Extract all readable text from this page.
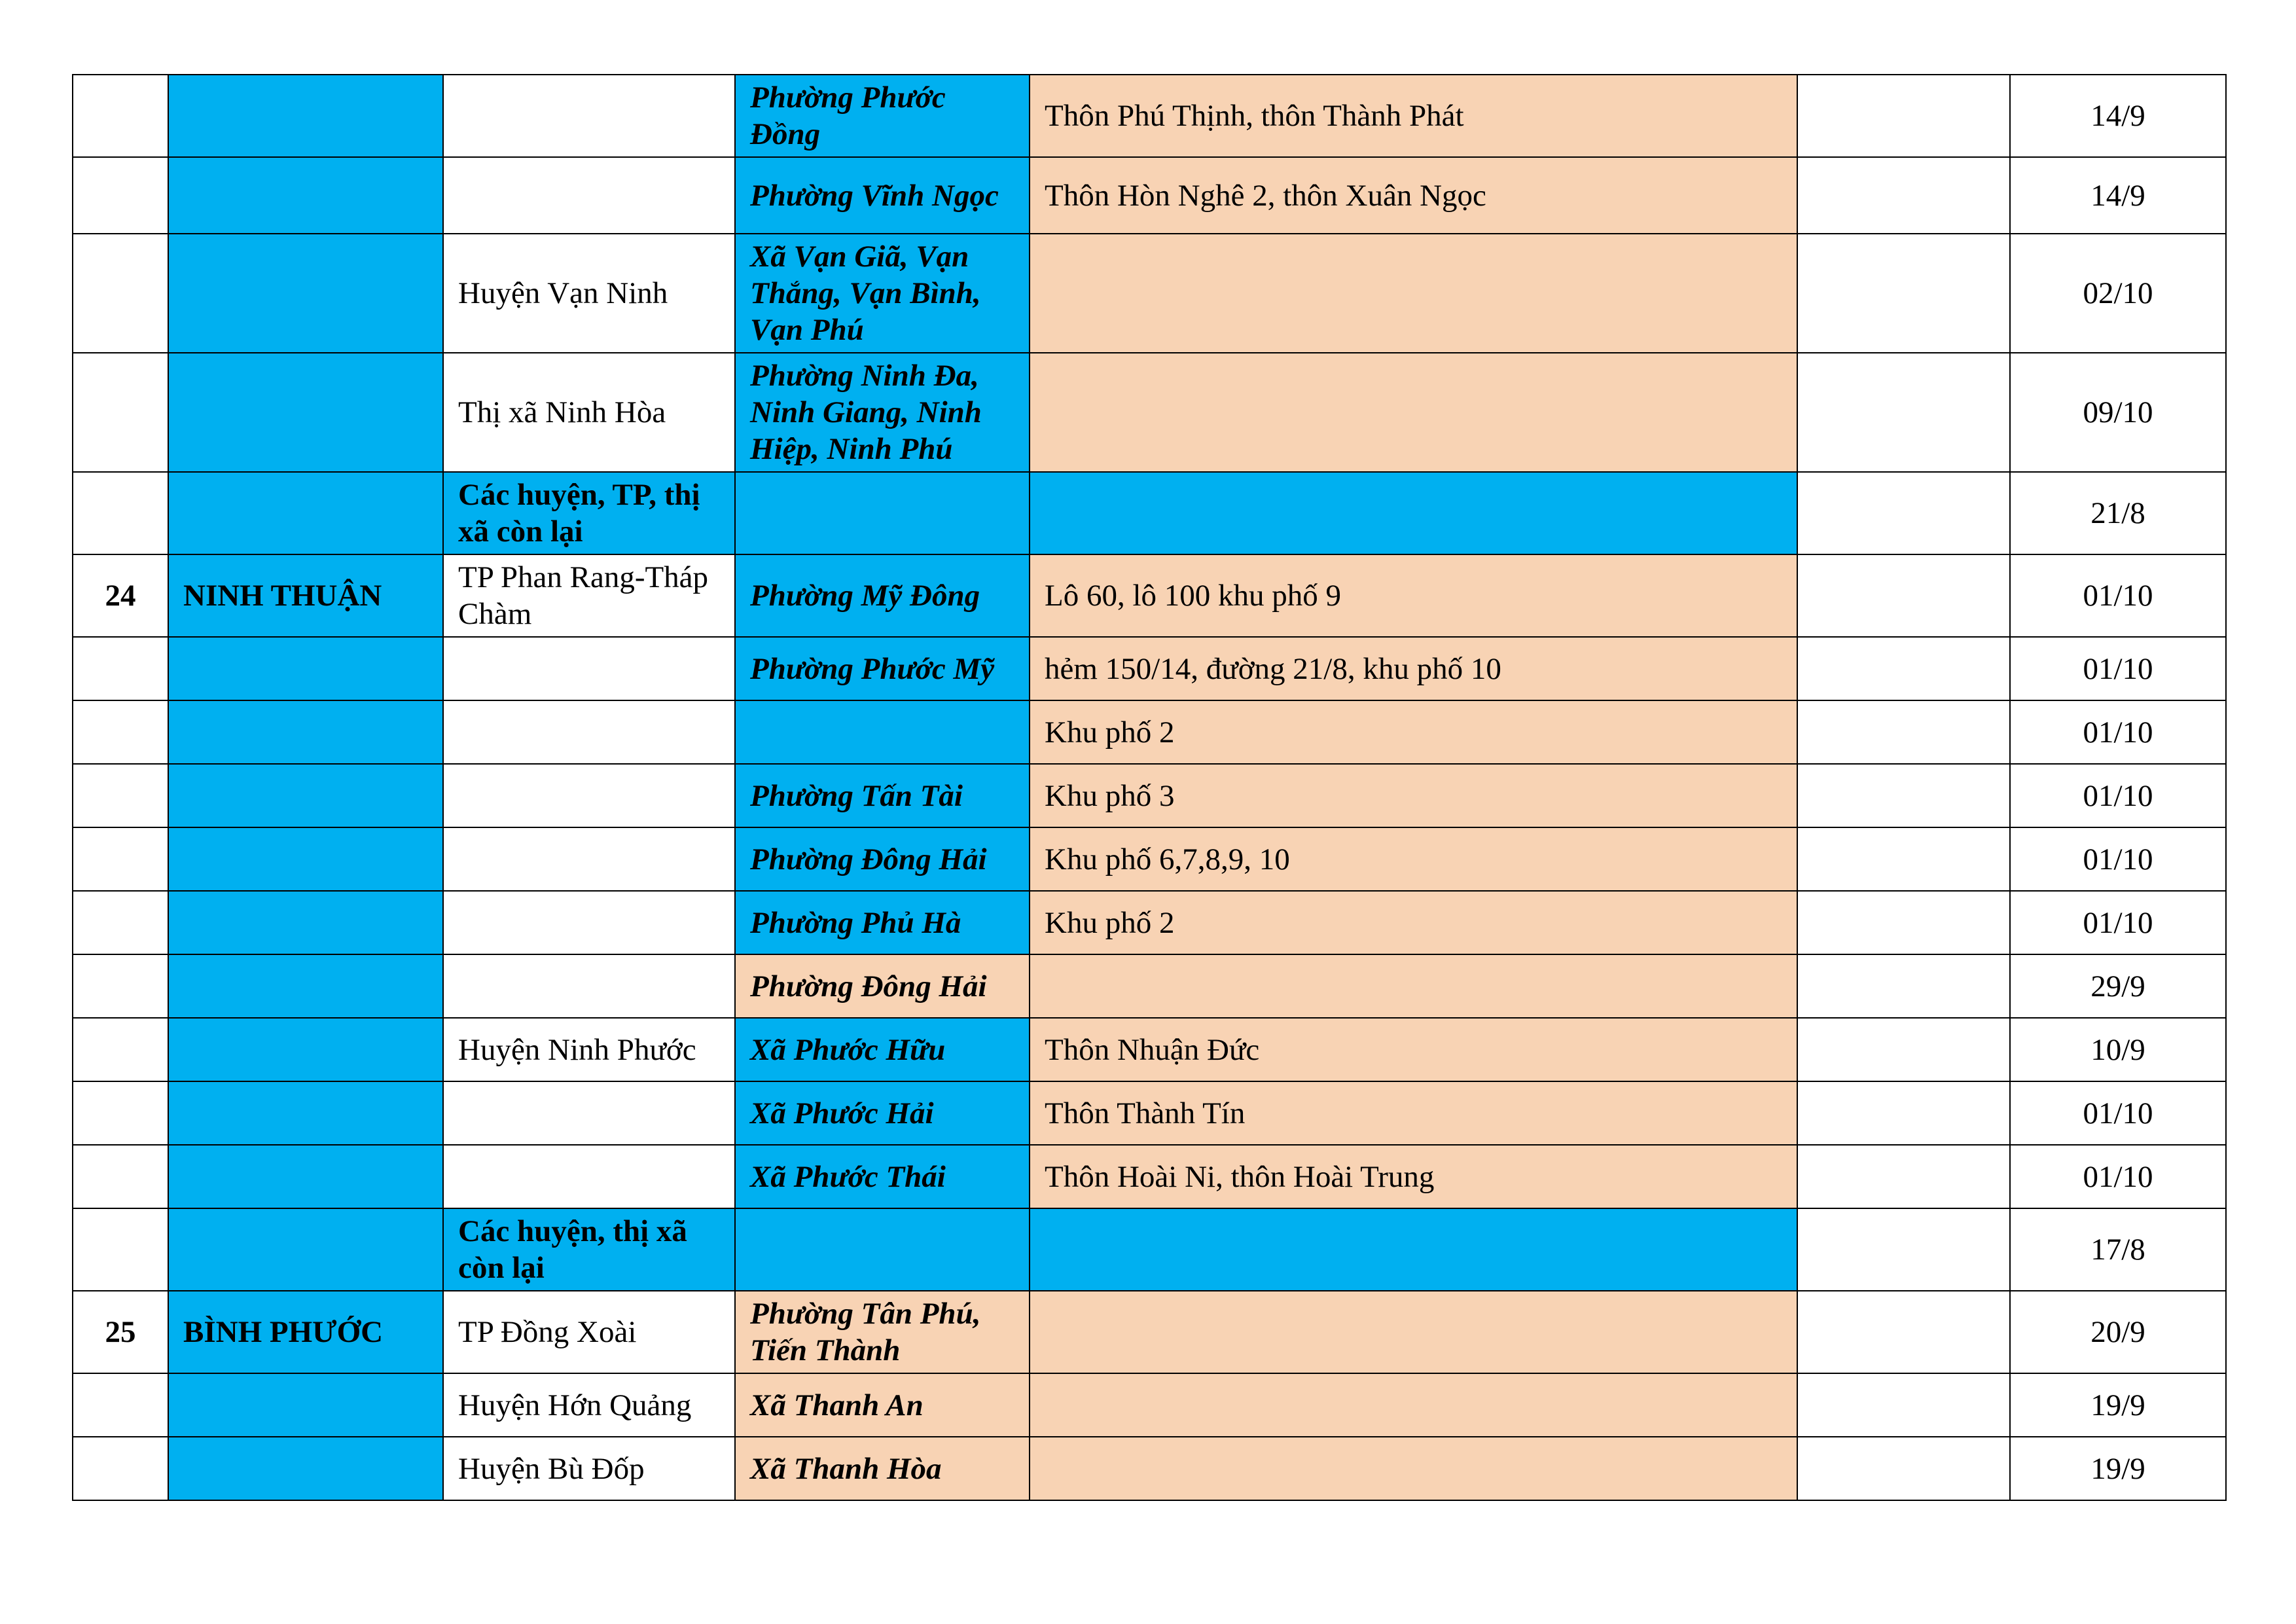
			Phường Phước Đồng	Thôn Phú Thịnh, thôn Thành Phát		14/9
			Phường Vĩnh Ngọc	Thôn Hòn Nghê 2, thôn Xuân Ngọc		14/9
		Huyện Vạn Ninh	Xã Vạn Giã, Vạn Thắng, Vạn Bình, Vạn Phú			02/10
		Thị xã Ninh Hòa	Phường Ninh Đa, Ninh Giang, Ninh Hiệp, Ninh Phú			09/10
		Các huyện, TP, thị xã còn lại				21/8
24	NINH THUẬN	TP Phan Rang-Tháp Chàm	Phường Mỹ Đông	Lô 60, lô 100 khu phố 9		01/10
			Phường Phước Mỹ	hẻm 150/14, đường 21/8, khu phố 10		01/10
				Khu phố 2		01/10
			Phường Tấn Tài	Khu phố 3		01/10
			Phường Đông Hải	Khu phố 6,7,8,9, 10		01/10
			Phường Phủ Hà	Khu phố 2		01/10
			Phường Đông Hải			29/9
		Huyện Ninh Phước	Xã Phước Hữu	Thôn Nhuận Đức		10/9
			Xã Phước Hải	Thôn Thành Tín		01/10
			Xã Phước Thái	Thôn Hoài Ni, thôn Hoài Trung		01/10
		Các huyện, thị xã còn lại				17/8
25	BÌNH PHƯỚC	TP Đồng Xoài	Phường Tân Phú, Tiến Thành			20/9
		Huyện Hớn Quảng	Xã Thanh An			19/9
		Huyện Bù Đốp	Xã Thanh Hòa			19/9
